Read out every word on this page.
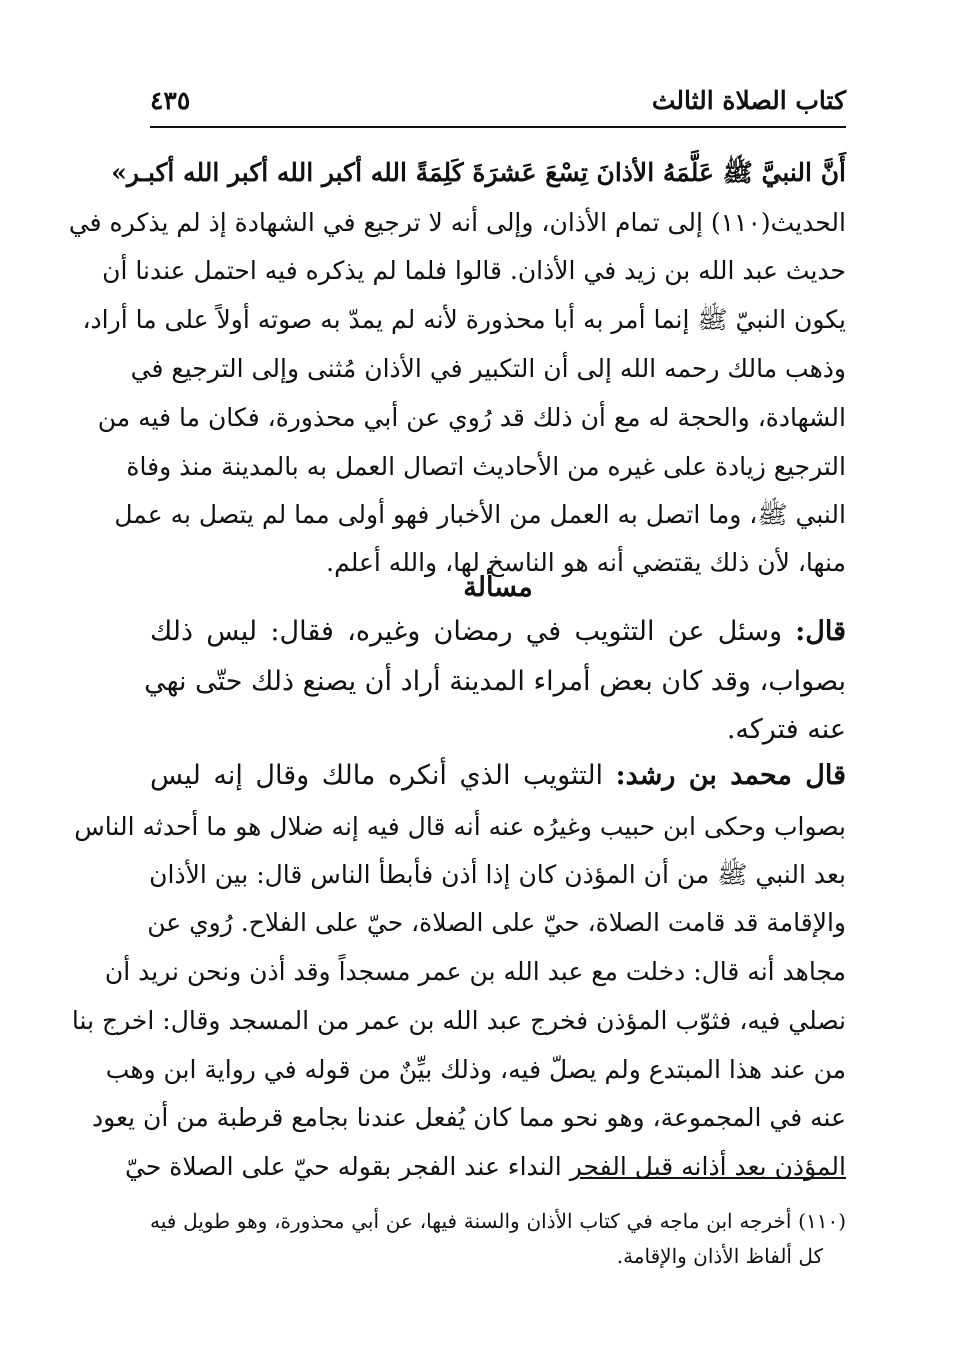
كتاب الصلاة الثالث
٤٣٥
أَنَّ النبيَّ ﷺ عَلَّمَهُ الأذانَ تِسْعَ عَشرَةَ كَلِمَةً الله أكبر الله أكبر الله أكبـر»
الحديث(١١٠) إلى تمام الأذان، وإلى أنه لا ترجيع في الشهادة إذ لم يذكره في
حديث عبد الله بن زيد في الأذان. قالوا فلما لم يذكره فيه احتمل عندنا أن
يكون النبيّ ﷺ إنما أمر به أبا محذورة لأنه لم يمدّ به صوته أولاً على ما أراد،
وذهب مالك رحمه الله إلى أن التكبير في الأذان مُثنى وإلى الترجيع في
الشهادة، والحجة له مع أن ذلك قد رُوي عن أبي محذورة، فكان ما فيه من
الترجيع زيادة على غيره من الأحاديث اتصال العمل به بالمدينة منذ وفاة
النبي ﷺ، وما اتصل به العمل من الأخبار فهو أولى مما لم يتصل به عمل
منها، لأن ذلك يقتضي أنه هو الناسخ لها، والله أعلم.
مسألة
قال: وسئل عن التثويب في رمضان وغيره، فقال: ليس ذلك
بصواب، وقد كان بعض أمراء المدينة أراد أن يصنع ذلك حتّى نهي
عنه فتركه.
قال محمد بن رشد: التثويب الذي أنكره مالك وقال إنه ليس
بصواب وحكى ابن حبيب وغيرُه عنه أنه قال فيه إنه ضلال هو ما أحدثه الناس
بعد النبي ﷺ من أن المؤذن كان إذا أذن فأبطأ الناس قال: بين الأذان
والإقامة قد قامت الصلاة، حيّ على الصلاة، حيّ على الفلاح. رُوي عن
مجاهد أنه قال: دخلت مع عبد الله بن عمر مسجداً وقد أذن ونحن نريد أن
نصلي فيه، فثوّب المؤذن فخرج عبد الله بن عمر من المسجد وقال: اخرج بنا
من عند هذا المبتدع ولم يصلّ فيه، وذلك بيِّنٌ من قوله في رواية ابن وهب
عنه في المجموعة، وهو نحو مما كان يُفعل عندنا بجامع قرطبة من أن يعود
المؤذن بعد أذانه قبل الفجر النداء عند الفجر بقوله حيّ على الصلاة حيّ
(١١٠) أخرجه ابن ماجه في كتاب الأذان والسنة فيها، عن أبي محذورة، وهو طويل فيه
كل ألفاظ الأذان والإقامة.
